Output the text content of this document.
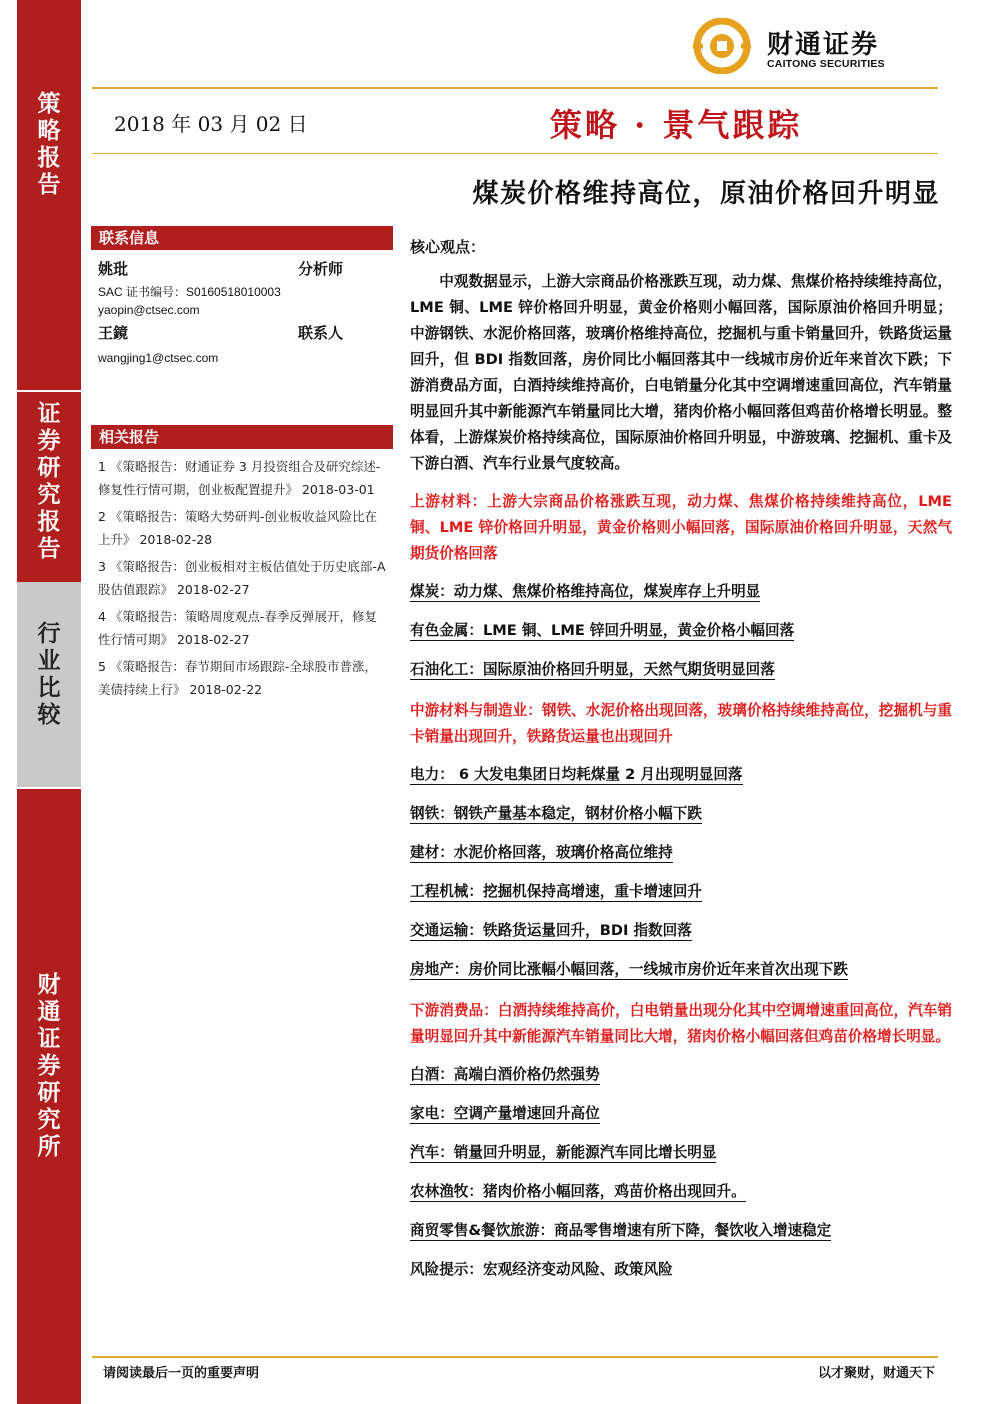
策略报告
证券研究报告
行业比较
财通证券研究所
财通证券
CAITONG SECURITIES
2018 年 03 月 02 日	策略 · 景气跟踪
煤炭价格维持高位，原油价格回升明显
联系信息
姚玭	分析师
SAC 证书编号：S0160518010003
yaopin@ctsec.com
王鏡	联系人
wangjing1@ctsec.com
相关报告
1 《策略报告：财通证券 3 月投资组合及研究综述-修复性行情可期，创业板配置提升》 2018-03-01
2 《策略报告：策略大势研判-创业板收益风险比在上升》 2018-02-28
3 《策略报告：创业板相对主板估值处于历史底部-A 股估值跟踪》 2018-02-27
4 《策略报告：策略周度观点-春季反弹展开，修复性行情可期》 2018-02-27
5 《策略报告：春节期间市场跟踪-全球股市普涨，美债持续上行》 2018-02-22
核心观点：
中观数据显示，上游大宗商品价格涨跌互现，动力煤、焦煤价格持续维持高位，LME 铜、LME 锌价格回升明显，黄金价格则小幅回落，国际原油价格回升明显；中游钢铁、水泥价格回落，玻璃价格维持高位，挖掘机与重卡销量回升，铁路货运量回升，但 BDI 指数回落，房价同比小幅回落其中一线城市房价近年来首次下跌；下游消费品方面，白酒持续维持高价，白电销量分化其中空调增速重回高位，汽车销量明显回升其中新能源汽车销量同比大增，猪肉价格小幅回落但鸡苗价格增长明显。整体看，上游煤炭价格持续高位，国际原油价格回升明显，中游玻璃、挖掘机、重卡及下游白酒、汽车行业景气度较高。
上游材料：上游大宗商品价格涨跌互现，动力煤、焦煤价格持续维持高位，LME 铜、LME 锌价格回升明显，黄金价格则小幅回落，国际原油价格回升明显，天然气期货价格回落
煤炭：动力煤、焦煤价格维持高位，煤炭库存上升明显
有色金属：LME 铜、LME 锌回升明显，黄金价格小幅回落
石油化工：国际原油价格回升明显，天然气期货明显回落
中游材料与制造业：钢铁、水泥价格出现回落，玻璃价格持续维持高位，挖掘机与重卡销量出现回升，铁路货运量也出现回升
电力： 6 大发电集团日均耗煤量 2 月出现明显回落
钢铁：钢铁产量基本稳定，钢材价格小幅下跌
建材：水泥价格回落，玻璃价格高位维持
工程机械：挖掘机保持高增速，重卡增速回升
交通运输：铁路货运量回升，BDI 指数回落
房地产：房价同比涨幅小幅回落，一线城市房价近年来首次出现下跌
下游消费品：白酒持续维持高价，白电销量出现分化其中空调增速重回高位，汽车销量明显回升其中新能源汽车销量同比大增，猪肉价格小幅回落但鸡苗价格增长明显。
白酒：高端白酒价格仍然强势
家电：空调产量增速回升高位
汽车：销量回升明显，新能源汽车同比增长明显
农林渔牧：猪肉价格小幅回落，鸡苗价格出现回升。
商贸零售&餐饮旅游：商品零售增速有所下降，餐饮收入增速稳定
风险提示：宏观经济变动风险、政策风险
请阅读最后一页的重要声明	以才聚财，财通天下
